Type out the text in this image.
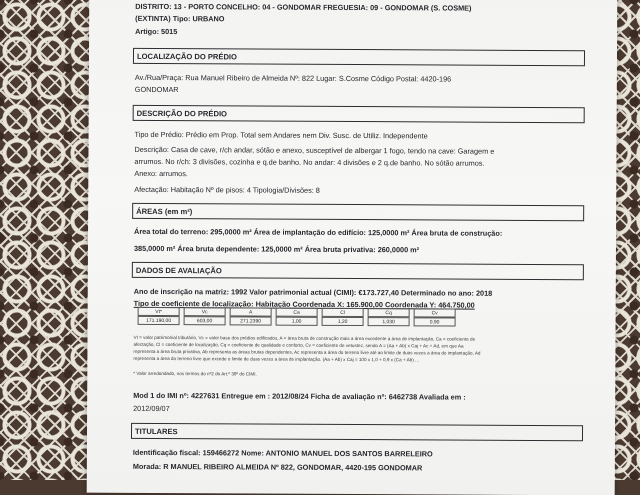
DISTRITO: 13 - PORTO CONCELHO: 04 - GONDOMAR FREGUESIA: 09 - GONDOMAR (S. COSME)
(EXTINTA) Tipo: URBANO
Artigo: 5015
LOCALIZAÇÃO DO PRÉDIO
Av./Rua/Praça: Rua Manuel Ribeiro de Almeida Nº: 822 Lugar: S.Cosme Código Postal: 4420-196
GONDOMAR
DESCRIÇÃO DO PRÉDIO
Tipo de Prédio: Prédio em Prop. Total sem Andares nem Div. Susc. de Utiliz. Independente
Descrição: Casa de cave, r/ch andar, sótão e anexo, susceptível de albergar 1 fogo, tendo na cave: Garagem e
arrumos. No r/ch: 3 divisões, cozinha e q.de banho. No andar: 4 divisões e 2 q.de banho. No sótão arrumos.
Anexo: arrumos.
Afectação: Habitação Nº de pisos: 4 Tipologia/Divisões: 8
ÁREAS (em m²)
Área total do terreno: 295,0000 m² Área de implantação do edifício: 125,0000 m² Área bruta de construção:
385,0000 m² Área bruta dependente: 125,0000 m² Área bruta privativa: 260,0000 m²
DADOS DE AVALIAÇÃO
Ano de inscrição na matriz: 1992 Valor patrimonial actual (CIMI): €173.727,40 Determinado no ano: 2018
Tipo de coeficiente de localização: Habitação Coordenada X: 165.900,00 Coordenada Y: 464.750,00
Vt*	Vc	A	Ca	Cl	Cq	Cv
171.190,00	603,00	271.2390	1,00	1,20	1,030	0,90
Vt = valor patrimonial tributário, Vc = valor base dos prédios edificados, A = área bruta de construção mais a área excedente à área de implantação, Ca = coeficiente de
afectação, Cl = coeficiente de localização, Cq = coeficiente de qualidade e conforto, Cv = coeficiente de vetustez, sendo A = (Aa + Ab) x Caj + Ac + Ad, em que Aa
representa a área bruta privativa, Ab representa as áreas brutas dependentes, Ac representa a área do terreno livre até ao limite de duas vezes a área de implantação, Ad
representa a área do terreno livre que excede o limite de duas vezes a área de implantação. (Aa + Ab) x Caj = 100 x 1,0 + 0,9 x (Ca + Ab) ...
* Valor arredondado, nos termos do nº2 do Art.º 38º do CIMI.
Mod 1 do IMI nº: 4227631 Entregue em : 2012/08/24 Ficha de avaliação nº: 6462738 Avaliada em :
2012/09/07
TITULARES
Identificação fiscal: 159466272 Nome: ANTONIO MANUEL DOS SANTOS BARRELEIRO
Morada: R MANUEL RIBEIRO ALMEIDA Nº 822, GONDOMAR, 4420-195 GONDOMAR
